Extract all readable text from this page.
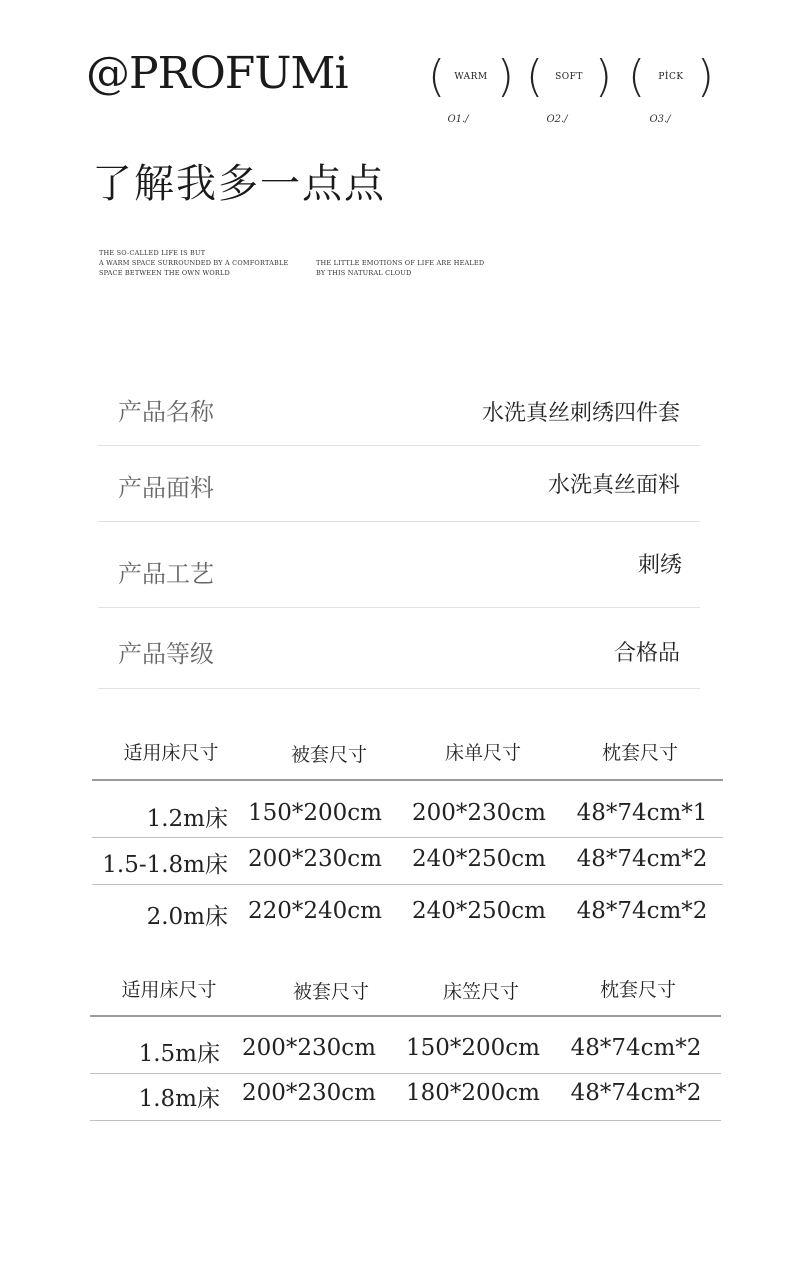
@PROFUMi (	WARM ) (	SOFT ) (	PİCK )
O1./	O2./	O3./
了解我多一点点
THE SO-CALLED LIFE IS BUT
A WARM SPACE SURROUNDED BY A COMFORTABLE
SPACE BETWEEN THE OWN WORLD
THE LITTLE EMOTIONS OF LIFE ARE HEALED
BY THIS NATURAL CLOUD
产品名称	水洗真丝刺绣四件套
产品面料	水洗真丝面料
产品工艺	刺绣
产品等级	合格品
适用床尺寸	被套尺寸	床单尺寸	枕套尺寸
1.2m床 150*200cm	200*230cm	48*74cm*1
1.5-1.8m床 200*230cm	240*250cm	48*74cm*2
2.0m床 220*240cm	240*250cm	48*74cm*2
适用床尺寸	被套尺寸	床笠尺寸	枕套尺寸
1.5m床 200*230cm	150*200cm	48*74cm*2
1.8m床 200*230cm	180*200cm	48*74cm*2
